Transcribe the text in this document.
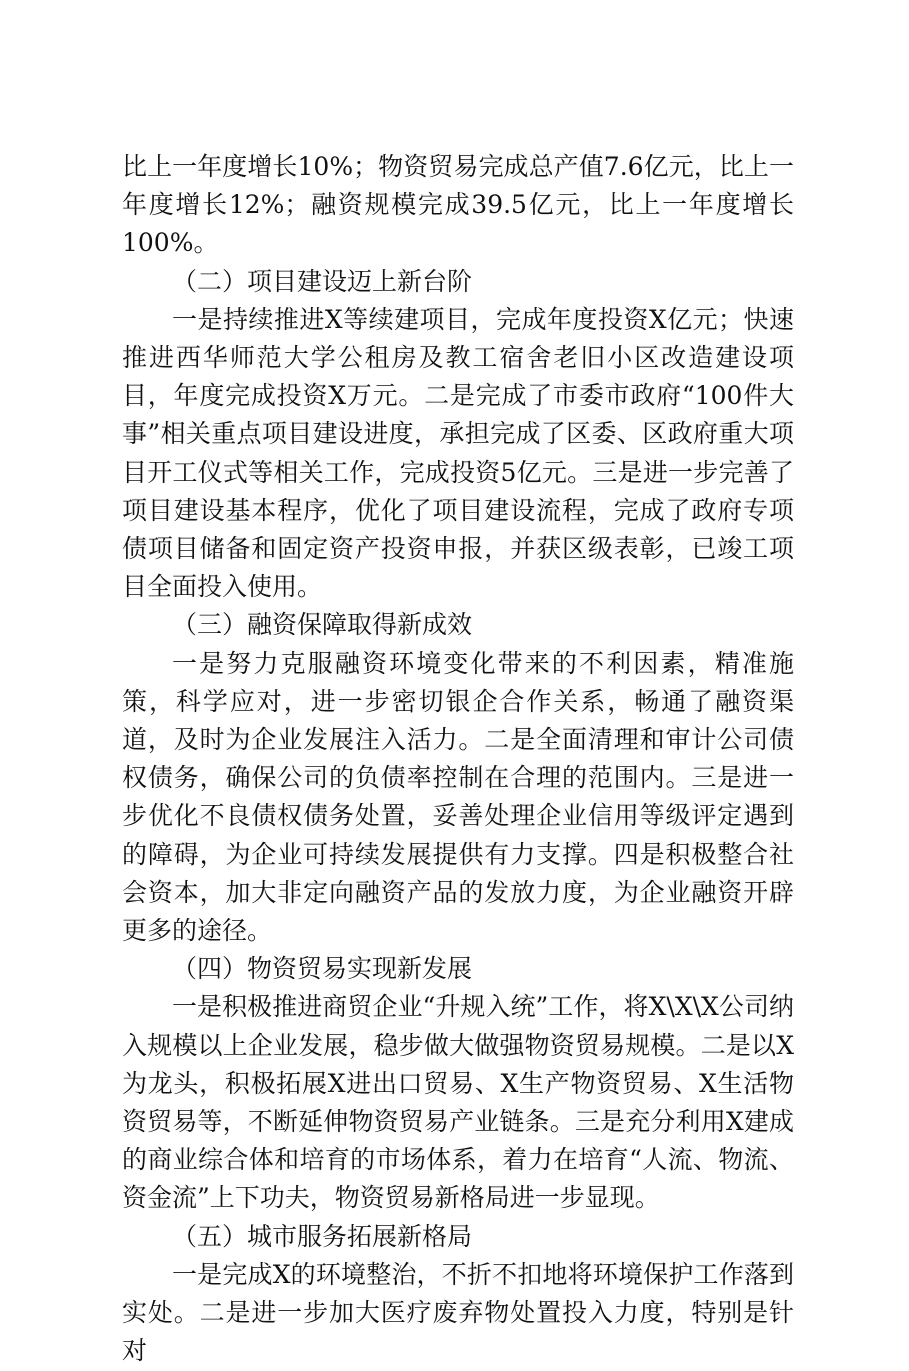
比上一年度增长10%；物资贸易完成总产值7.6亿元，比上一年度增长12%；融资规模完成39.5亿元，比上一年度增长100%。

（二）项目建设迈上新台阶

一是持续推进X等续建项目，完成年度投资X亿元；快速推进西华师范大学公租房及教工宿舍老旧小区改造建设项目，年度完成投资X万元。二是完成了市委市政府“100件大事”相关重点项目建设进度，承担完成了区委、区政府重大项目开工仪式等相关工作，完成投资5亿元。三是进一步完善了项目建设基本程序，优化了项目建设流程，完成了政府专项债项目储备和固定资产投资申报，并获区级表彰，已竣工项目全面投入使用。

（三）融资保障取得新成效

一是努力克服融资环境变化带来的不利因素，精准施策，科学应对，进一步密切银企合作关系，畅通了融资渠道，及时为企业发展注入活力。二是全面清理和审计公司债权债务，确保公司的负债率控制在合理的范围内。三是进一步优化不良债权债务处置，妥善处理企业信用等级评定遇到的障碍，为企业可持续发展提供有力支撑。四是积极整合社会资本，加大非定向融资产品的发放力度，为企业融资开辟更多的途径。

（四）物资贸易实现新发展

一是积极推进商贸企业“升规入统”工作，将X\X\X公司纳入规模以上企业发展，稳步做大做强物资贸易规模。二是以X为龙头，积极拓展X进出口贸易、X生产物资贸易、X生活物资贸易等，不断延伸物资贸易产业链条。三是充分利用X建成的商业综合体和培育的市场体系，着力在培育“人流、物流、资金流”上下功夫，物资贸易新格局进一步显现。

（五）城市服务拓展新格局

一是完成X的环境整治，不折不扣地将环境保护工作落到实处。二是进一步加大医疗废弃物处置投入力度，特别是针对
